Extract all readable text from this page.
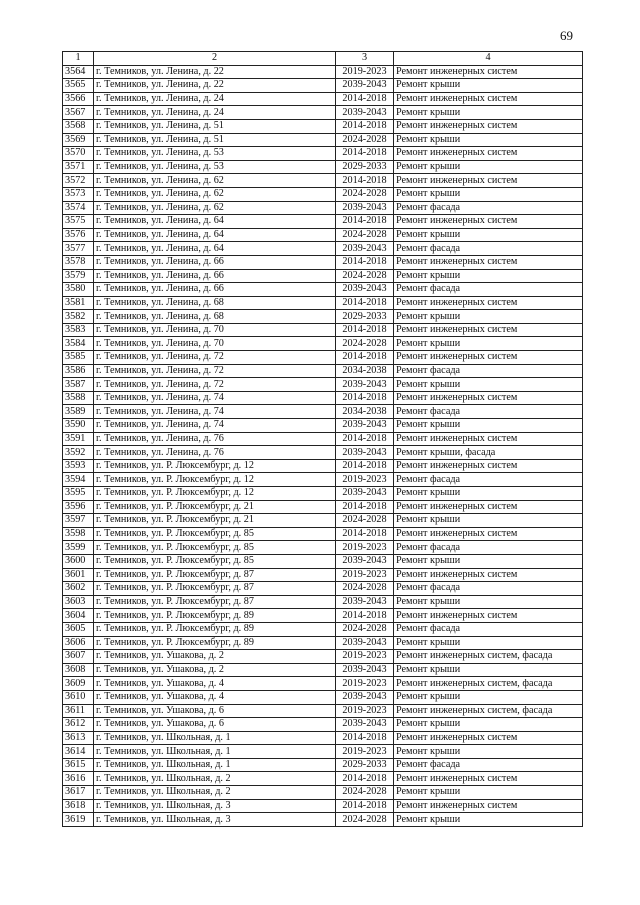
69
1	2	3	4
3564	г. Темников, ул. Ленина, д. 22	2019-2023	Ремонт инженерных систем
3565	г. Темников, ул. Ленина, д. 22	2039-2043	Ремонт крыши
3566	г. Темников, ул. Ленина, д. 24	2014-2018	Ремонт инженерных систем
3567	г. Темников, ул. Ленина, д. 24	2039-2043	Ремонт крыши
3568	г. Темников, ул. Ленина, д. 51	2014-2018	Ремонт инженерных систем
3569	г. Темников, ул. Ленина, д. 51	2024-2028	Ремонт крыши
3570	г. Темников, ул. Ленина, д. 53	2014-2018	Ремонт инженерных систем
3571	г. Темников, ул. Ленина, д. 53	2029-2033	Ремонт крыши
3572	г. Темников, ул. Ленина, д. 62	2014-2018	Ремонт инженерных систем
3573	г. Темников, ул. Ленина, д. 62	2024-2028	Ремонт крыши
3574	г. Темников, ул. Ленина, д. 62	2039-2043	Ремонт фасада
3575	г. Темников, ул. Ленина, д. 64	2014-2018	Ремонт инженерных систем
3576	г. Темников, ул. Ленина, д. 64	2024-2028	Ремонт крыши
3577	г. Темников, ул. Ленина, д. 64	2039-2043	Ремонт фасада
3578	г. Темников, ул. Ленина, д. 66	2014-2018	Ремонт инженерных систем
3579	г. Темников, ул. Ленина, д. 66	2024-2028	Ремонт крыши
3580	г. Темников, ул. Ленина, д. 66	2039-2043	Ремонт фасада
3581	г. Темников, ул. Ленина, д. 68	2014-2018	Ремонт инженерных систем
3582	г. Темников, ул. Ленина, д. 68	2029-2033	Ремонт крыши
3583	г. Темников, ул. Ленина, д. 70	2014-2018	Ремонт инженерных систем
3584	г. Темников, ул. Ленина, д. 70	2024-2028	Ремонт крыши
3585	г. Темников, ул. Ленина, д. 72	2014-2018	Ремонт инженерных систем
3586	г. Темников, ул. Ленина, д. 72	2034-2038	Ремонт фасада
3587	г. Темников, ул. Ленина, д. 72	2039-2043	Ремонт крыши
3588	г. Темников, ул. Ленина, д. 74	2014-2018	Ремонт инженерных систем
3589	г. Темников, ул. Ленина, д. 74	2034-2038	Ремонт фасада
3590	г. Темников, ул. Ленина, д. 74	2039-2043	Ремонт крыши
3591	г. Темников, ул. Ленина, д. 76	2014-2018	Ремонт инженерных систем
3592	г. Темников, ул. Ленина, д. 76	2039-2043	Ремонт крыши, фасада
3593	г. Темников, ул. Р. Люксембург, д. 12	2014-2018	Ремонт инженерных систем
3594	г. Темников, ул. Р. Люксембург, д. 12	2019-2023	Ремонт фасада
3595	г. Темников, ул. Р. Люксембург, д. 12	2039-2043	Ремонт крыши
3596	г. Темников, ул. Р. Люксембург, д. 21	2014-2018	Ремонт инженерных систем
3597	г. Темников, ул. Р. Люксембург, д. 21	2024-2028	Ремонт крыши
3598	г. Темников, ул. Р. Люксембург, д. 85	2014-2018	Ремонт инженерных систем
3599	г. Темников, ул. Р. Люксембург, д. 85	2019-2023	Ремонт фасада
3600	г. Темников, ул. Р. Люксембург, д. 85	2039-2043	Ремонт крыши
3601	г. Темников, ул. Р. Люксембург, д. 87	2019-2023	Ремонт инженерных систем
3602	г. Темников, ул. Р. Люксембург, д. 87	2024-2028	Ремонт фасада
3603	г. Темников, ул. Р. Люксембург, д. 87	2039-2043	Ремонт крыши
3604	г. Темников, ул. Р. Люксембург, д. 89	2014-2018	Ремонт инженерных систем
3605	г. Темников, ул. Р. Люксембург, д. 89	2024-2028	Ремонт фасада
3606	г. Темников, ул. Р. Люксембург, д. 89	2039-2043	Ремонт крыши
3607	г. Темников, ул. Ушакова, д. 2	2019-2023	Ремонт инженерных систем, фасада
3608	г. Темников, ул. Ушакова, д. 2	2039-2043	Ремонт крыши
3609	г. Темников, ул. Ушакова, д. 4	2019-2023	Ремонт инженерных систем, фасада
3610	г. Темников, ул. Ушакова, д. 4	2039-2043	Ремонт крыши
3611	г. Темников, ул. Ушакова, д. 6	2019-2023	Ремонт инженерных систем, фасада
3612	г. Темников, ул. Ушакова, д. 6	2039-2043	Ремонт крыши
3613	г. Темников, ул. Школьная, д. 1	2014-2018	Ремонт инженерных систем
3614	г. Темников, ул. Школьная, д. 1	2019-2023	Ремонт крыши
3615	г. Темников, ул. Школьная, д. 1	2029-2033	Ремонт фасада
3616	г. Темников, ул. Школьная, д. 2	2014-2018	Ремонт инженерных систем
3617	г. Темников, ул. Школьная, д. 2	2024-2028	Ремонт крыши
3618	г. Темников, ул. Школьная, д. 3	2014-2018	Ремонт инженерных систем
3619	г. Темников, ул. Школьная, д. 3	2024-2028	Ремонт крыши
